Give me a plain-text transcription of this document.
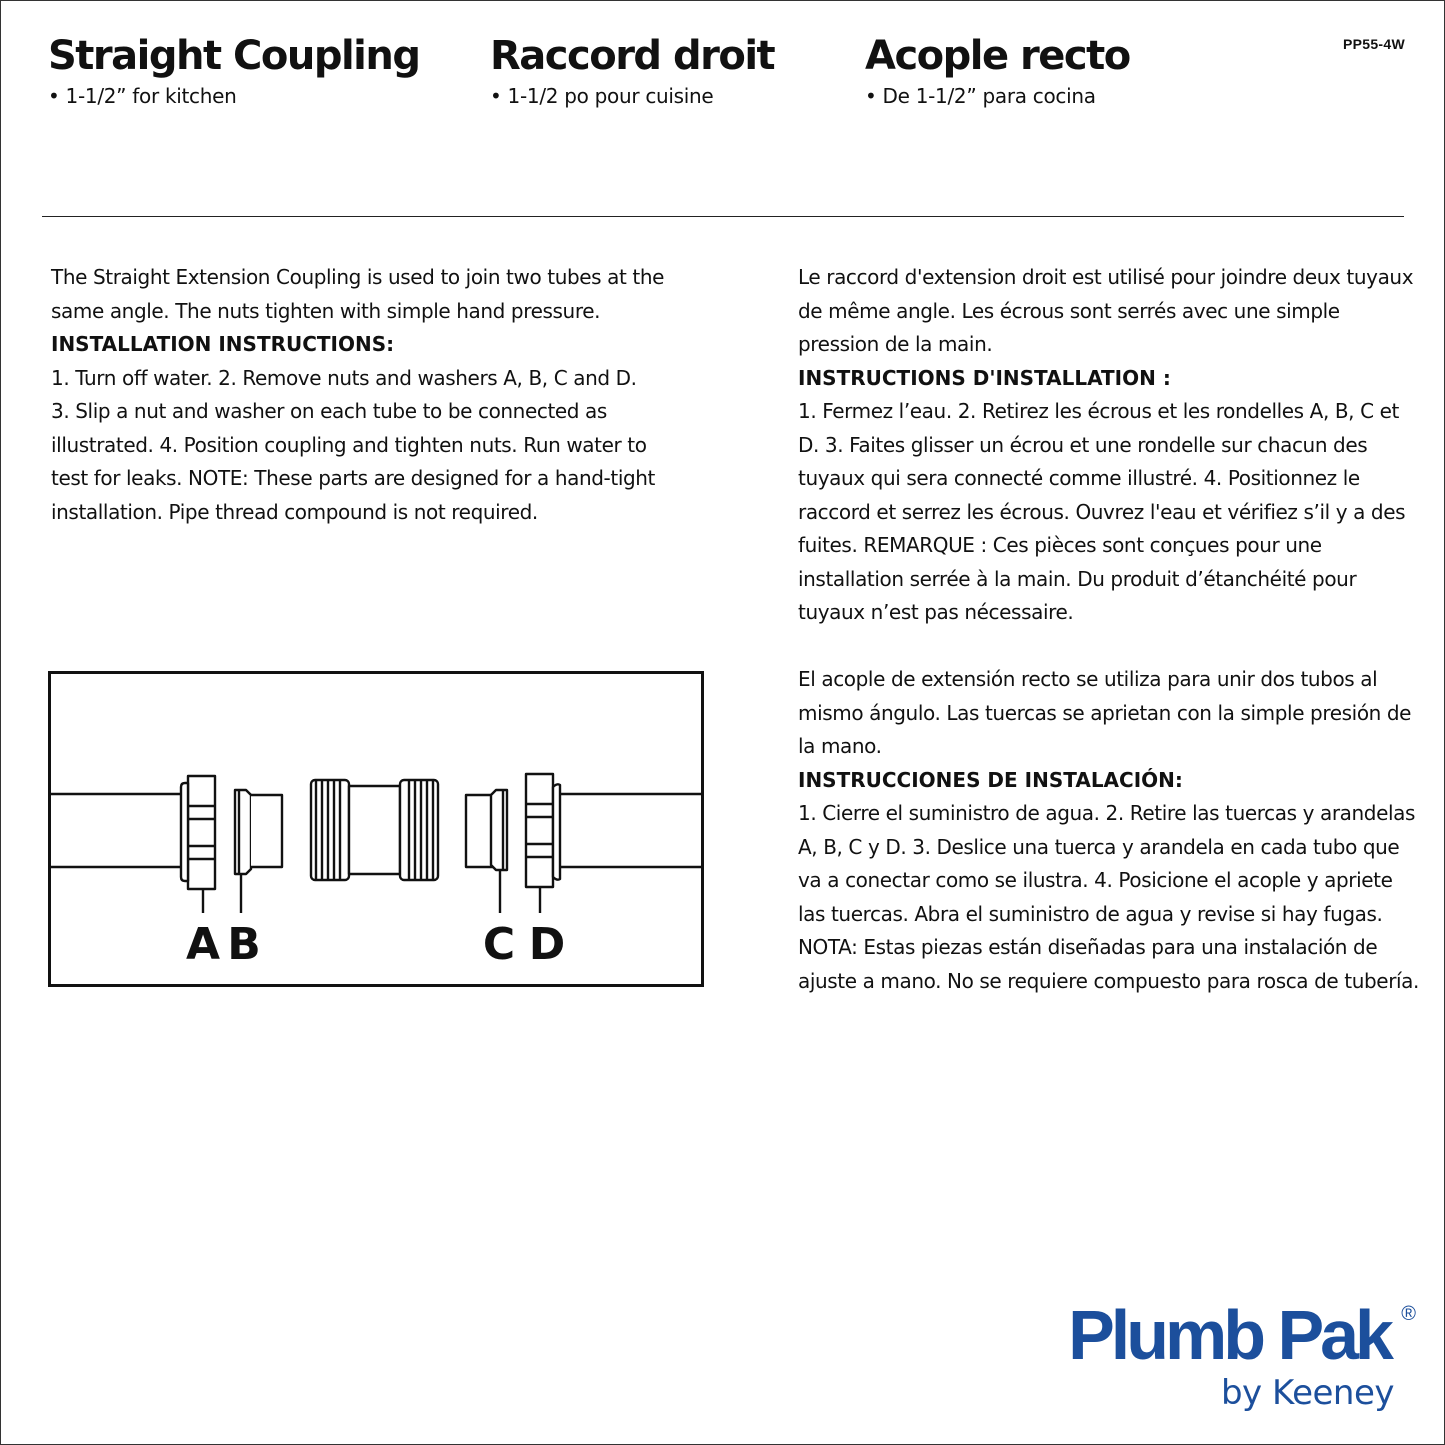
Straight Coupling

• 1-1/2” for kitchen

Raccord droit

• 1-1/2 po pour cuisine

Acople recto

• De 1-1/2” para cocina

PP55-4W

The Straight Extension Coupling is used to join two tubes at the

same angle. The nuts tighten with simple hand pressure.

INSTALLATION INSTRUCTIONS:

1. Turn off water. 2. Remove nuts and washers A, B, C and D.

3. Slip a nut and washer on each tube to be connected as

illustrated. 4. Position coupling and tighten nuts. Run water to

test for leaks. NOTE: These parts are designed for a hand-tight

installation. Pipe thread compound is not required.

Le raccord d'extension droit est utilisé pour joindre deux tuyaux

de même angle. Les écrous sont serrés avec une simple

pression de la main.

INSTRUCTIONS D'INSTALLATION :

1. Fermez l’eau. 2. Retirez les écrous et les rondelles A, B, C et

D. 3. Faites glisser un écrou et une rondelle sur chacun des

tuyaux qui sera connecté comme illustré. 4. Positionnez le

raccord et serrez les écrous. Ouvrez l'eau et vérifiez s’il y a des

fuites. REMARQUE : Ces pièces sont conçues pour une

installation serrée à la main. Du produit d’étanchéité pour

tuyaux n’est pas nécessaire.

El acople de extensión recto se utiliza para unir dos tubos al

mismo ángulo. Las tuercas se aprietan con la simple presión de

la mano.

INSTRUCCIONES DE INSTALACIÓN:

1. Cierre el suministro de agua. 2. Retire las tuercas y arandelas

A, B, C y D. 3. Deslice una tuerca y arandela en cada tubo que

va a conectar como se ilustra. 4. Posicione el acople y apriete

las tuercas. Abra el suministro de agua y revise si hay fugas.

NOTA: Estas piezas están diseñadas para una instalación de

ajuste a mano. No se requiere compuesto para rosca de tubería.

A B	C D
Plumb Pak ®
by Keeney
